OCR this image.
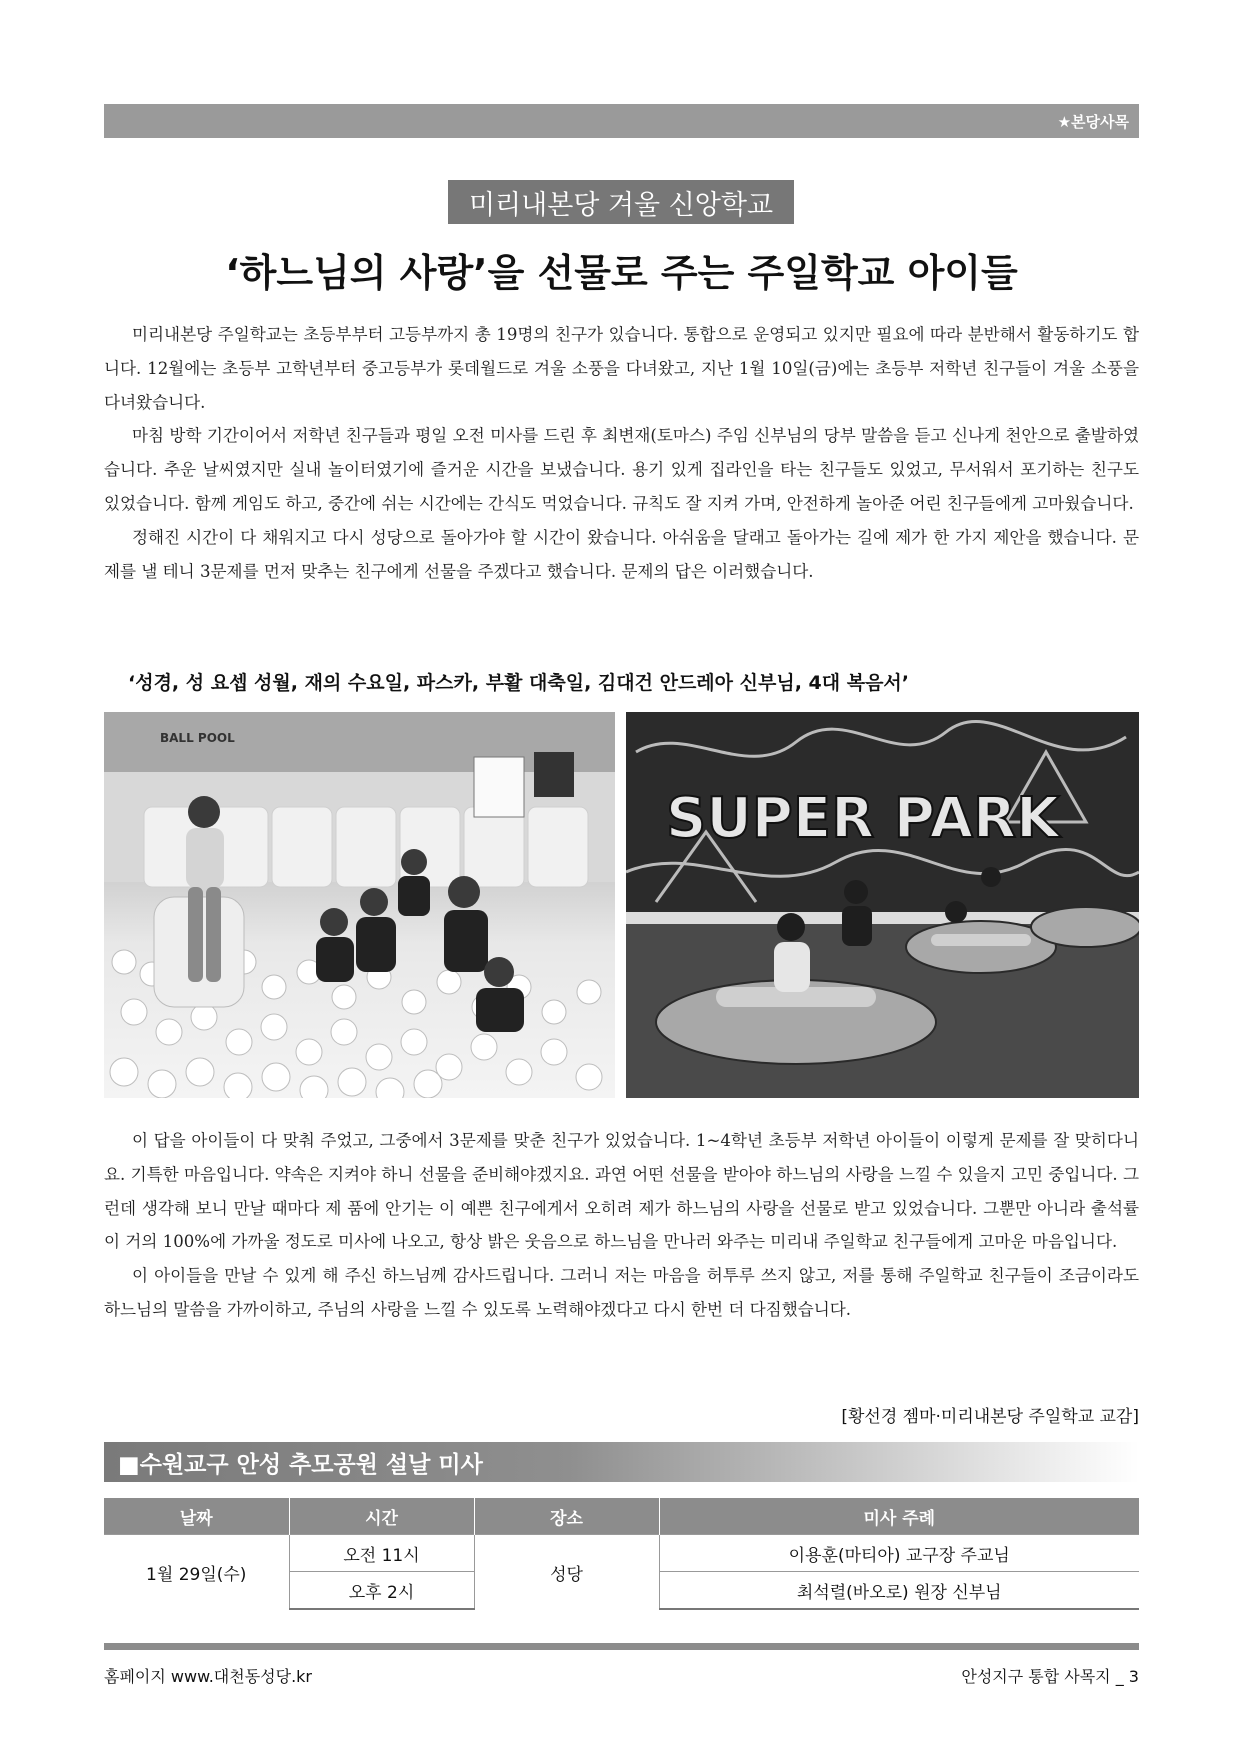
★본당사목
미리내본당 겨울 신앙학교
‘하느님의 사랑’을 선물로 주는 주일학교 아이들

미리내본당 주일학교는 초등부부터 고등부까지 총 19명의 친구가 있습니다. 통합으로 운영되고 있지만 필요에 따라 분반해서 활동하기도 합니다. 12월에는 초등부 고학년부터 중고등부가 롯데월드로 겨울 소풍을 다녀왔고, 지난 1월 10일(금)에는 초등부 저학년 친구들이 겨울 소풍을 다녀왔습니다.

마침 방학 기간이어서 저학년 친구들과 평일 오전 미사를 드린 후 최변재(토마스) 주임 신부님의 당부 말씀을 듣고 신나게 천안으로 출발하였습니다. 추운 날씨였지만 실내 놀이터였기에 즐거운 시간을 보냈습니다. 용기 있게 집라인을 타는 친구들도 있었고, 무서워서 포기하는 친구도 있었습니다. 함께 게임도 하고, 중간에 쉬는 시간에는 간식도 먹었습니다. 규칙도 잘 지켜 가며, 안전하게 놀아준 어린 친구들에게 고마웠습니다.

정해진 시간이 다 채워지고 다시 성당으로 돌아가야 할 시간이 왔습니다. 아쉬움을 달래고 돌아가는 길에 제가 한 가지 제안을 했습니다. 문제를 낼 테니 3문제를 먼저 맞추는 친구에게 선물을 주겠다고 했습니다. 문제의 답은 이러했습니다.

‘성경, 성 요셉 성월, 재의 수요일, 파스카, 부활 대축일, 김대건 안드레아 신부님, 4대 복음서’
BALL POOL
SUPER PARK

이 답을 아이들이 다 맞춰 주었고, 그중에서 3문제를 맞춘 친구가 있었습니다. 1~4학년 초등부 저학년 아이들이 이렇게 문제를 잘 맞히다니요. 기특한 마음입니다. 약속은 지켜야 하니 선물을 준비해야겠지요. 과연 어떤 선물을 받아야 하느님의 사랑을 느낄 수 있을지 고민 중입니다. 그런데 생각해 보니 만날 때마다 제 품에 안기는 이 예쁜 친구에게서 오히려 제가 하느님의 사랑을 선물로 받고 있었습니다. 그뿐만 아니라 출석률이 거의 100%에 가까울 정도로 미사에 나오고, 항상 밝은 웃음으로 하느님을 만나러 와주는 미리내 주일학교 친구들에게 고마운 마음입니다.

이 아이들을 만날 수 있게 해 주신 하느님께 감사드립니다. 그러니 저는 마음을 허투루 쓰지 않고, 저를 통해 주일학교 친구들이 조금이라도 하느님의 말씀을 가까이하고, 주님의 사랑을 느낄 수 있도록 노력해야겠다고 다시 한번 더 다짐했습니다.

[황선경 젬마·미리내본당 주일학교 교감]
■수원교구 안성 추모공원 설날 미사
날짜	시간	장소	미사 주례
1월 29일(수)	오전 11시	성당	이용훈(마티아) 교구장 주교님
	오후 2시		최석렬(바오로) 원장 신부님
홈페이지 www.대천동성당.kr	안성지구 통합 사목지 _ 3
